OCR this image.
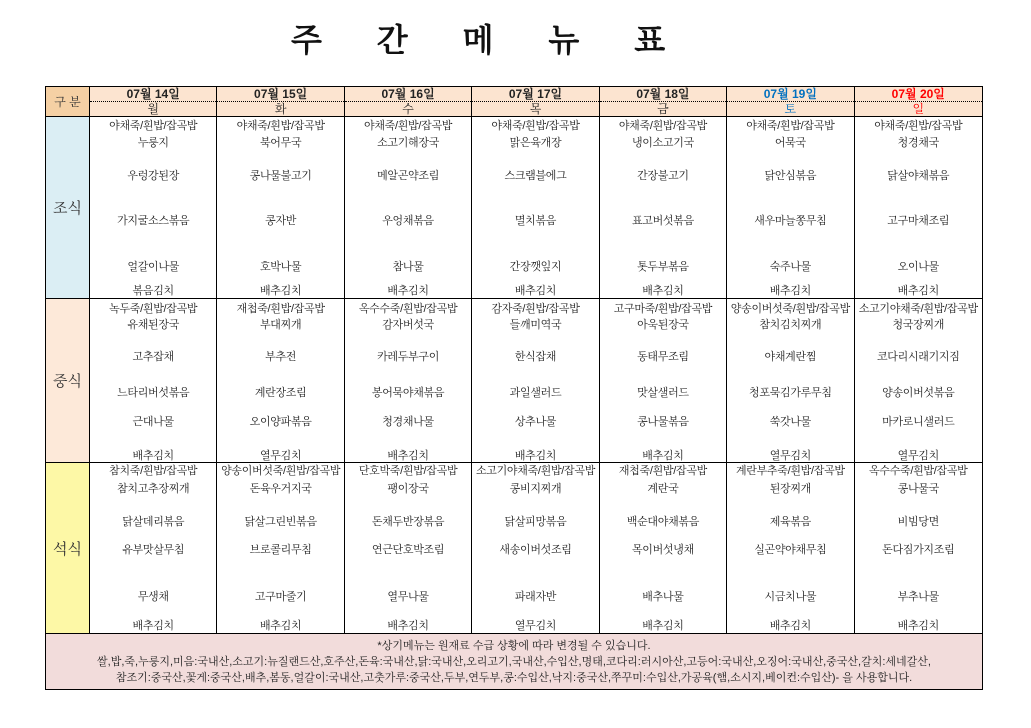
주 간 메 뉴 표
구 분
07월 14일
월
07월 15일
화
07월 16일
수
07월 17일
목
07월 18일
금
07월 19일
토
07월 20일
일
조식
야채죽/흰밥/잡곡밥
누룽지
우렁강된장
가지굴소스볶음
얼갈이나물
볶음김치
야채죽/흰밥/잡곡밥
북어무국
콩나물불고기
콩자반
호박나물
배추김치
야채죽/흰밥/잡곡밥
소고기해장국
메알곤약조림
우엉채볶음
참나물
배추김치
야채죽/흰밥/잡곡밥
맑은육개장
스크램블에그
멸치볶음
간장깻잎지
배추김치
야채죽/흰밥/잡곡밥
냉이소고기국
간장불고기
표고버섯볶음
톳두부볶음
배추김치
야채죽/흰밥/잡곡밥
어묵국
닭안심볶음
새우마늘쫑무침
숙주나물
배추김치
야채죽/흰밥/잡곡밥
청경채국
닭살야채볶음
고구마채조림
오이나물
배추김치
중식
녹두죽/흰밥/잡곡밥
유채된장국
고추잡채
느타리버섯볶음
근대나물
배추김치
재첩죽/흰밥/잡곡밥
부대찌개
부추전
계란장조림
오이양파볶음
열무김치
옥수수죽/흰밥/잡곡밥
감자버섯국
카레두부구이
봉어묵야채볶음
청경채나물
배추김치
감자죽/흰밥/잡곡밥
들깨미역국
한식잡채
과일샐러드
상추나물
배추김치
고구마죽/흰밥/잡곡밥
아욱된장국
동태무조림
맛살샐러드
콩나물볶음
배추김치
양송이버섯죽/흰밥/잡곡밥
참치김치찌개
야채계란찜
청포묵김가루무침
쑥갓나물
열무김치
소고기야채죽/흰밥/잡곡밥
청국장찌개
코다리시래기지짐
양송이버섯볶음
마카로니샐러드
열무김치
석식
참치죽/흰밥/잡곡밥
참치고추장찌개
닭살데리볶음
유부맛살무침
무생채
배추김치
양송이버섯죽/흰밥/잡곡밥
돈육우거지국
닭살그린빈볶음
브로콜리무침
고구마줄기
배추김치
단호박죽/흰밥/잡곡밥
팽이장국
돈채두반장볶음
연근단호박조림
열무나물
배추김치
소고기야채죽/흰밥/잡곡밥
콩비지찌개
닭살피망볶음
새송이버섯조림
파래자반
열무김치
재첩죽/흰밥/잡곡밥
계란국
백순대야채볶음
목이버섯냉채
배추나물
배추김치
계란부추죽/흰밥/잡곡밥
된장찌개
제육볶음
실곤약야채무침
시금치나물
배추김치
옥수수죽/흰밥/잡곡밥
콩나물국
비빔당면
돈다짐가지조림
부추나물
배추김치
*상기메뉴는 원재료 수급 상황에 따라 변경될 수 있습니다.
쌀,밥,죽,누룽지,미음:국내산,소고기:뉴질랜드산,호주산,돈육:국내산,닭:국내산,오리고기,국내산,수입산,명태,코다리:러시아산,고등어:국내산,오징어:국내산,중국산,갈치:세네갈산,
참조기:중국산,꽃게:중국산,배추,봄동,얼갈이:국내산,고춧가루:중국산,두부,연두부,콩:수입산,낙지:중국산,쭈꾸미:수입산,가공육(햄,소시지,베이컨:수입산)- 을 사용합니다.
